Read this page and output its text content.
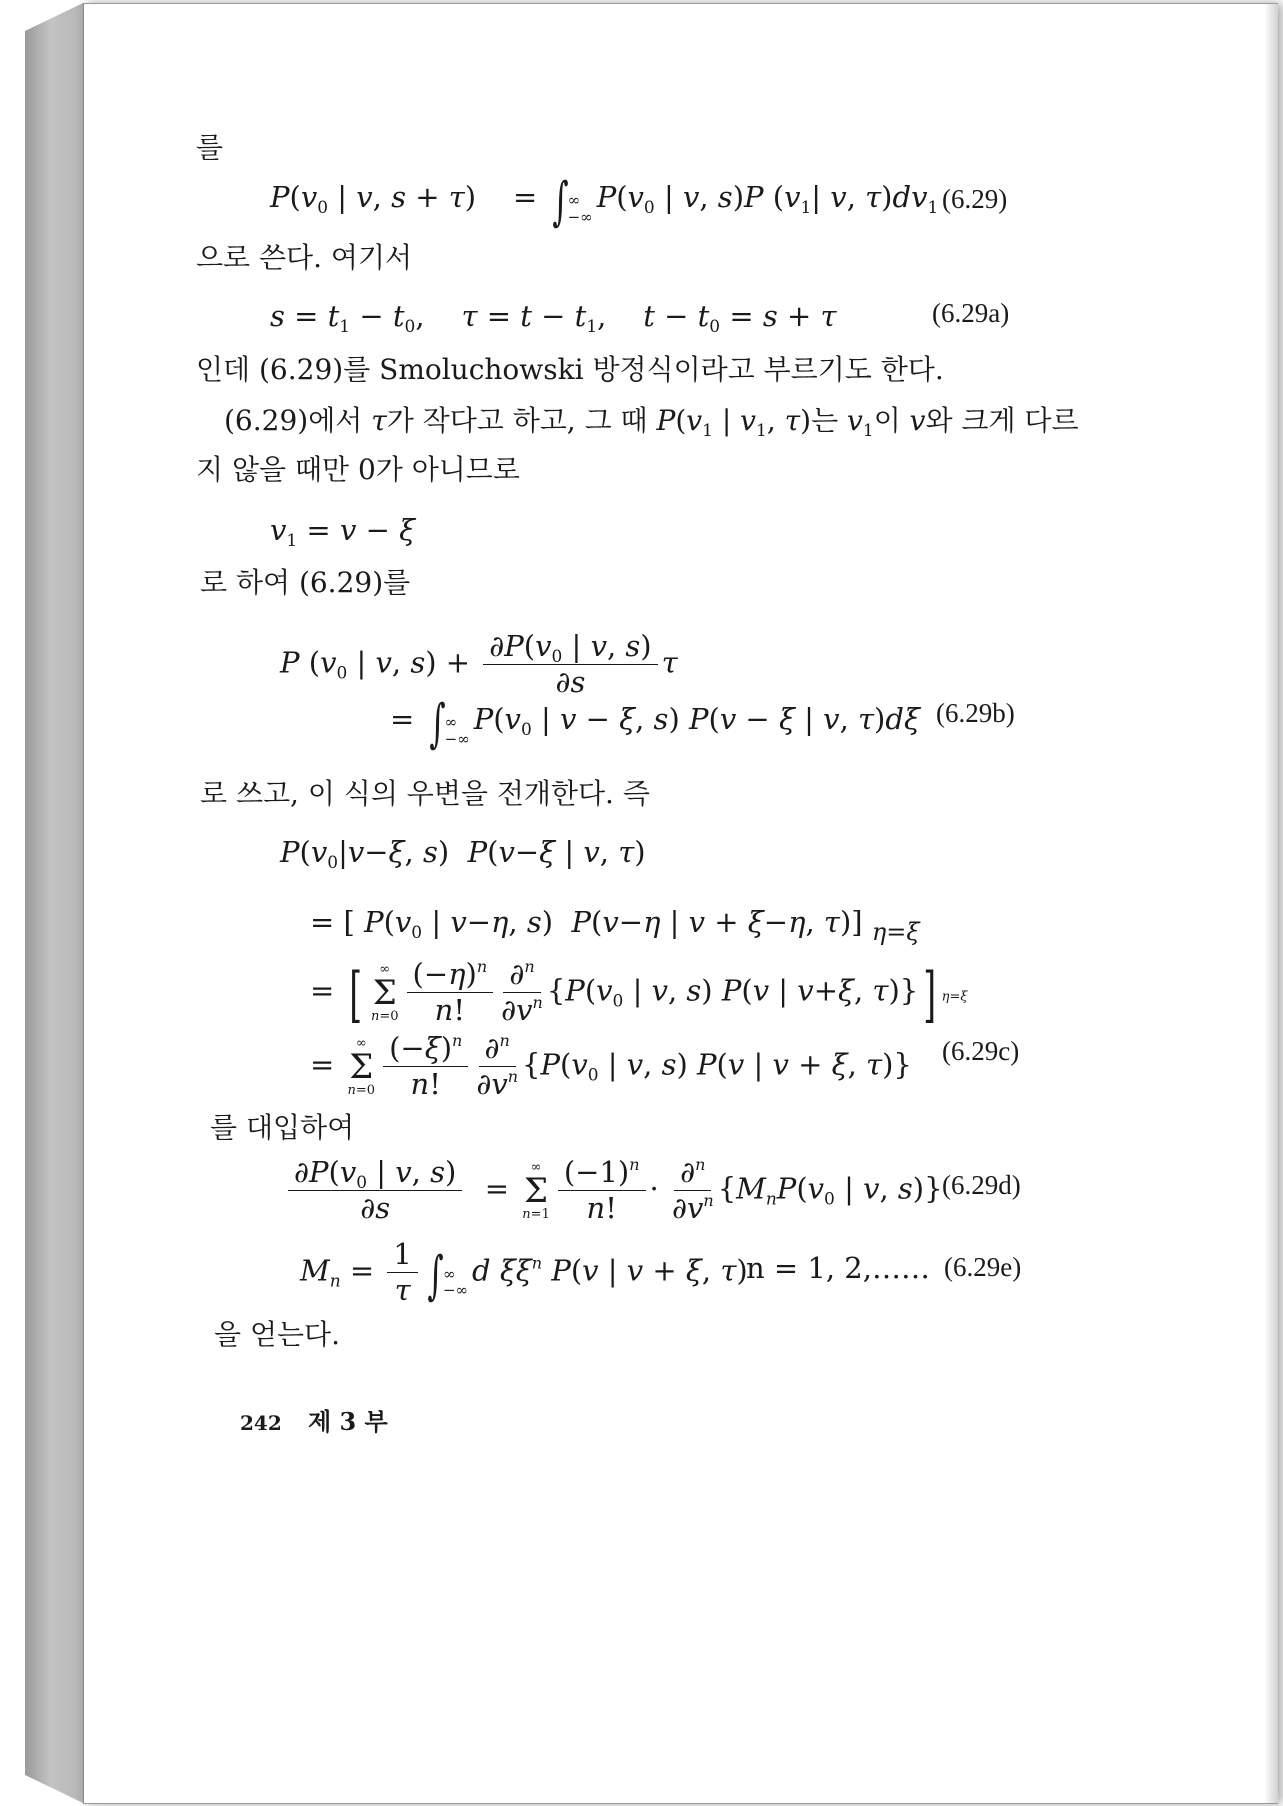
를
$P(v_0$ | v, s + τ)    = ∫ ∞
−∞
$P(v_0$ | v, s)P ($v_1|$ v, $\tau)dv_1$ (6.29)
으로 쓴다. 여기서
$s = t_1 - t_0$,    $\tau = t - t_1$,    $t - t_0 = s + \tau$	(6.29a)
인데 (6.29)를 Smoluchowski 방정식이라고 부르기도 한다.
(6.29)에서 τ가 작다고 하고, 그 때 $P(v_1$ | $v_1$, τ)는 $v_1$이 v와 크게 다르
지 않을 때만 0가 아니므로
$v_1 = v - \xi$
로 하여 (6.29)를
P ($v_0$ | v, $s) + \frac{\partial P(v_0 | v, s)}{\partial s}$ τ
= ∫ ∞
−∞
$P(v_0$ | v − ξ, s) P(v − ξ | v, τ)dξ (6.29b)
로 쓰고, 이 식의 우변을 전개한다. 즉
$P(v_0|v-\xi$, s)  P(v−ξ | v, τ)
= [ $P(v_0$ | v−η, s)  P(v−η | v + ξ−η, τ)] $_{\eta=\xi}$
= [ ∞
Σ
$n=0 \frac{(-\eta)^n}{n!} \frac{\partial^n}{\partial v^n} \{P(v_0$ | v, s) P(v | v+ξ, τ)}] η=ξ
=
∞
Σ
$n=0 \frac{(-\xi)^n}{n!} \frac{\partial^n}{\partial v^n} \{P(v_0$ | v, s) P(v | v + ξ, τ)} (6.29c)
를 대입하여
$\frac{\partial P(v_0 | v, s)}{\partial s}$ =
∞
Σ
$n=1 \frac{(-1)^n}{n!} \cdot \frac{\partial^n}{\partial v^n} \{M_nP(v_0$ | v, s)} (6.29d)
$M_n = \frac{1}{\tau}$ ∫ ∞
−∞
d $\xi\xi^n$ P(v | v + ξ, τ)
n = 1, 2,…… (6.29e)
을 얻는다.
242 제 3 부
